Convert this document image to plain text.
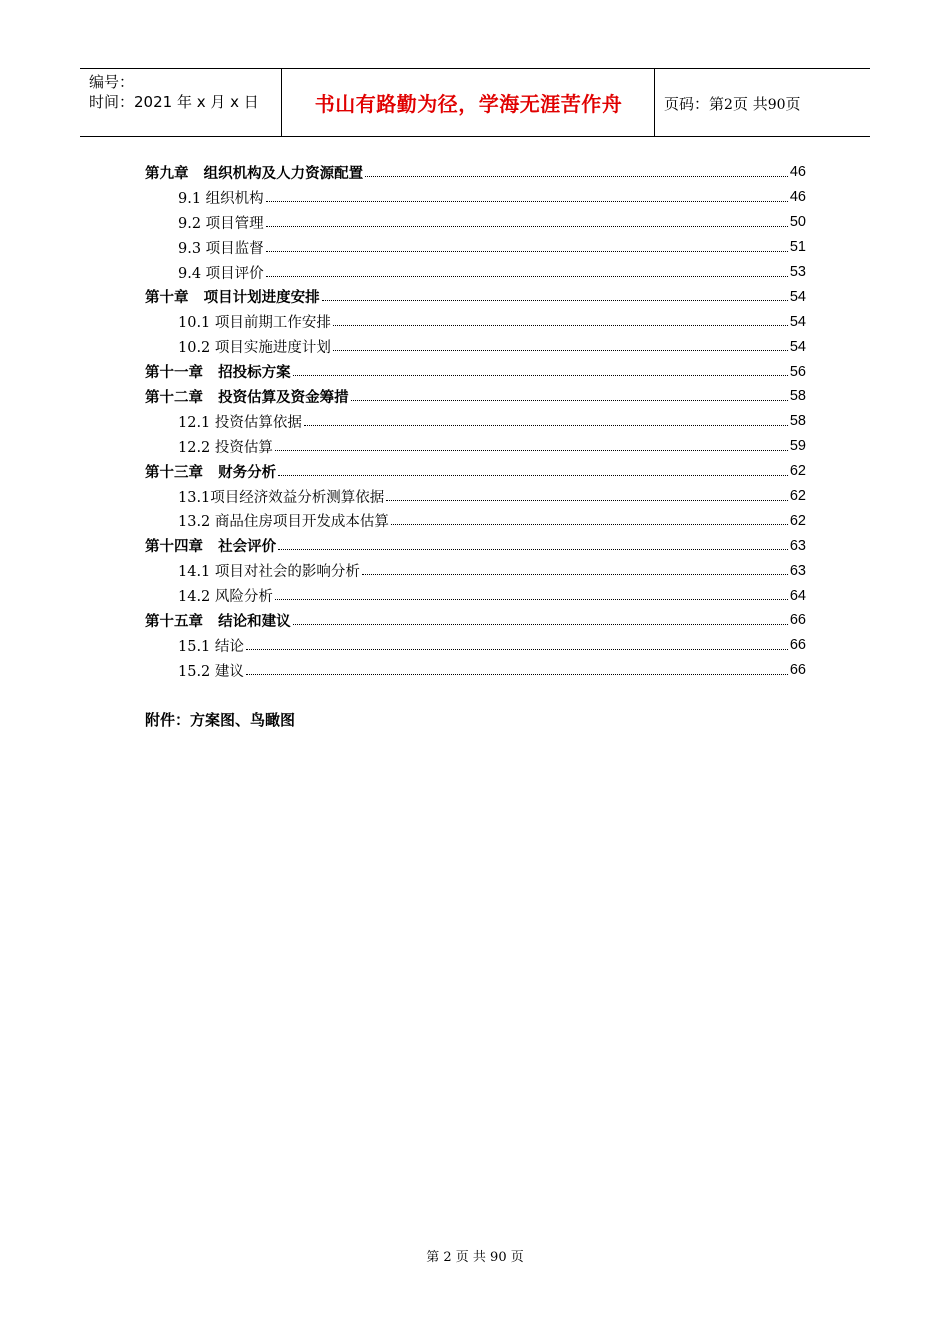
编号：
时间：2021 年 x 月 x 日	书山有路勤为径，学海无涯苦作舟	页码：第2页 共90页
第九章   组织机构及人力资源配置	46
9.1 组织机构	46
9.2 项目管理	50
9.3 项目监督	51
9.4 项目评价	53
第十章   项目计划进度安排	54
10.1 项目前期工作安排	54
10.2 项目实施进度计划	54
第十一章   招投标方案	56
第十二章   投资估算及资金筹措	58
12.1 投资估算依据	58
12.2 投资估算	59
第十三章   财务分析	62
13.1项目经济效益分析测算依据	62
13.2 商品住房项目开发成本估算	62
第十四章   社会评价	63
14.1 项目对社会的影响分析	63
14.2 风险分析	64
第十五章   结论和建议	66
15.1 结论	66
15.2 建议	66
附件：方案图、鸟瞰图
第 2 页 共 90 页
